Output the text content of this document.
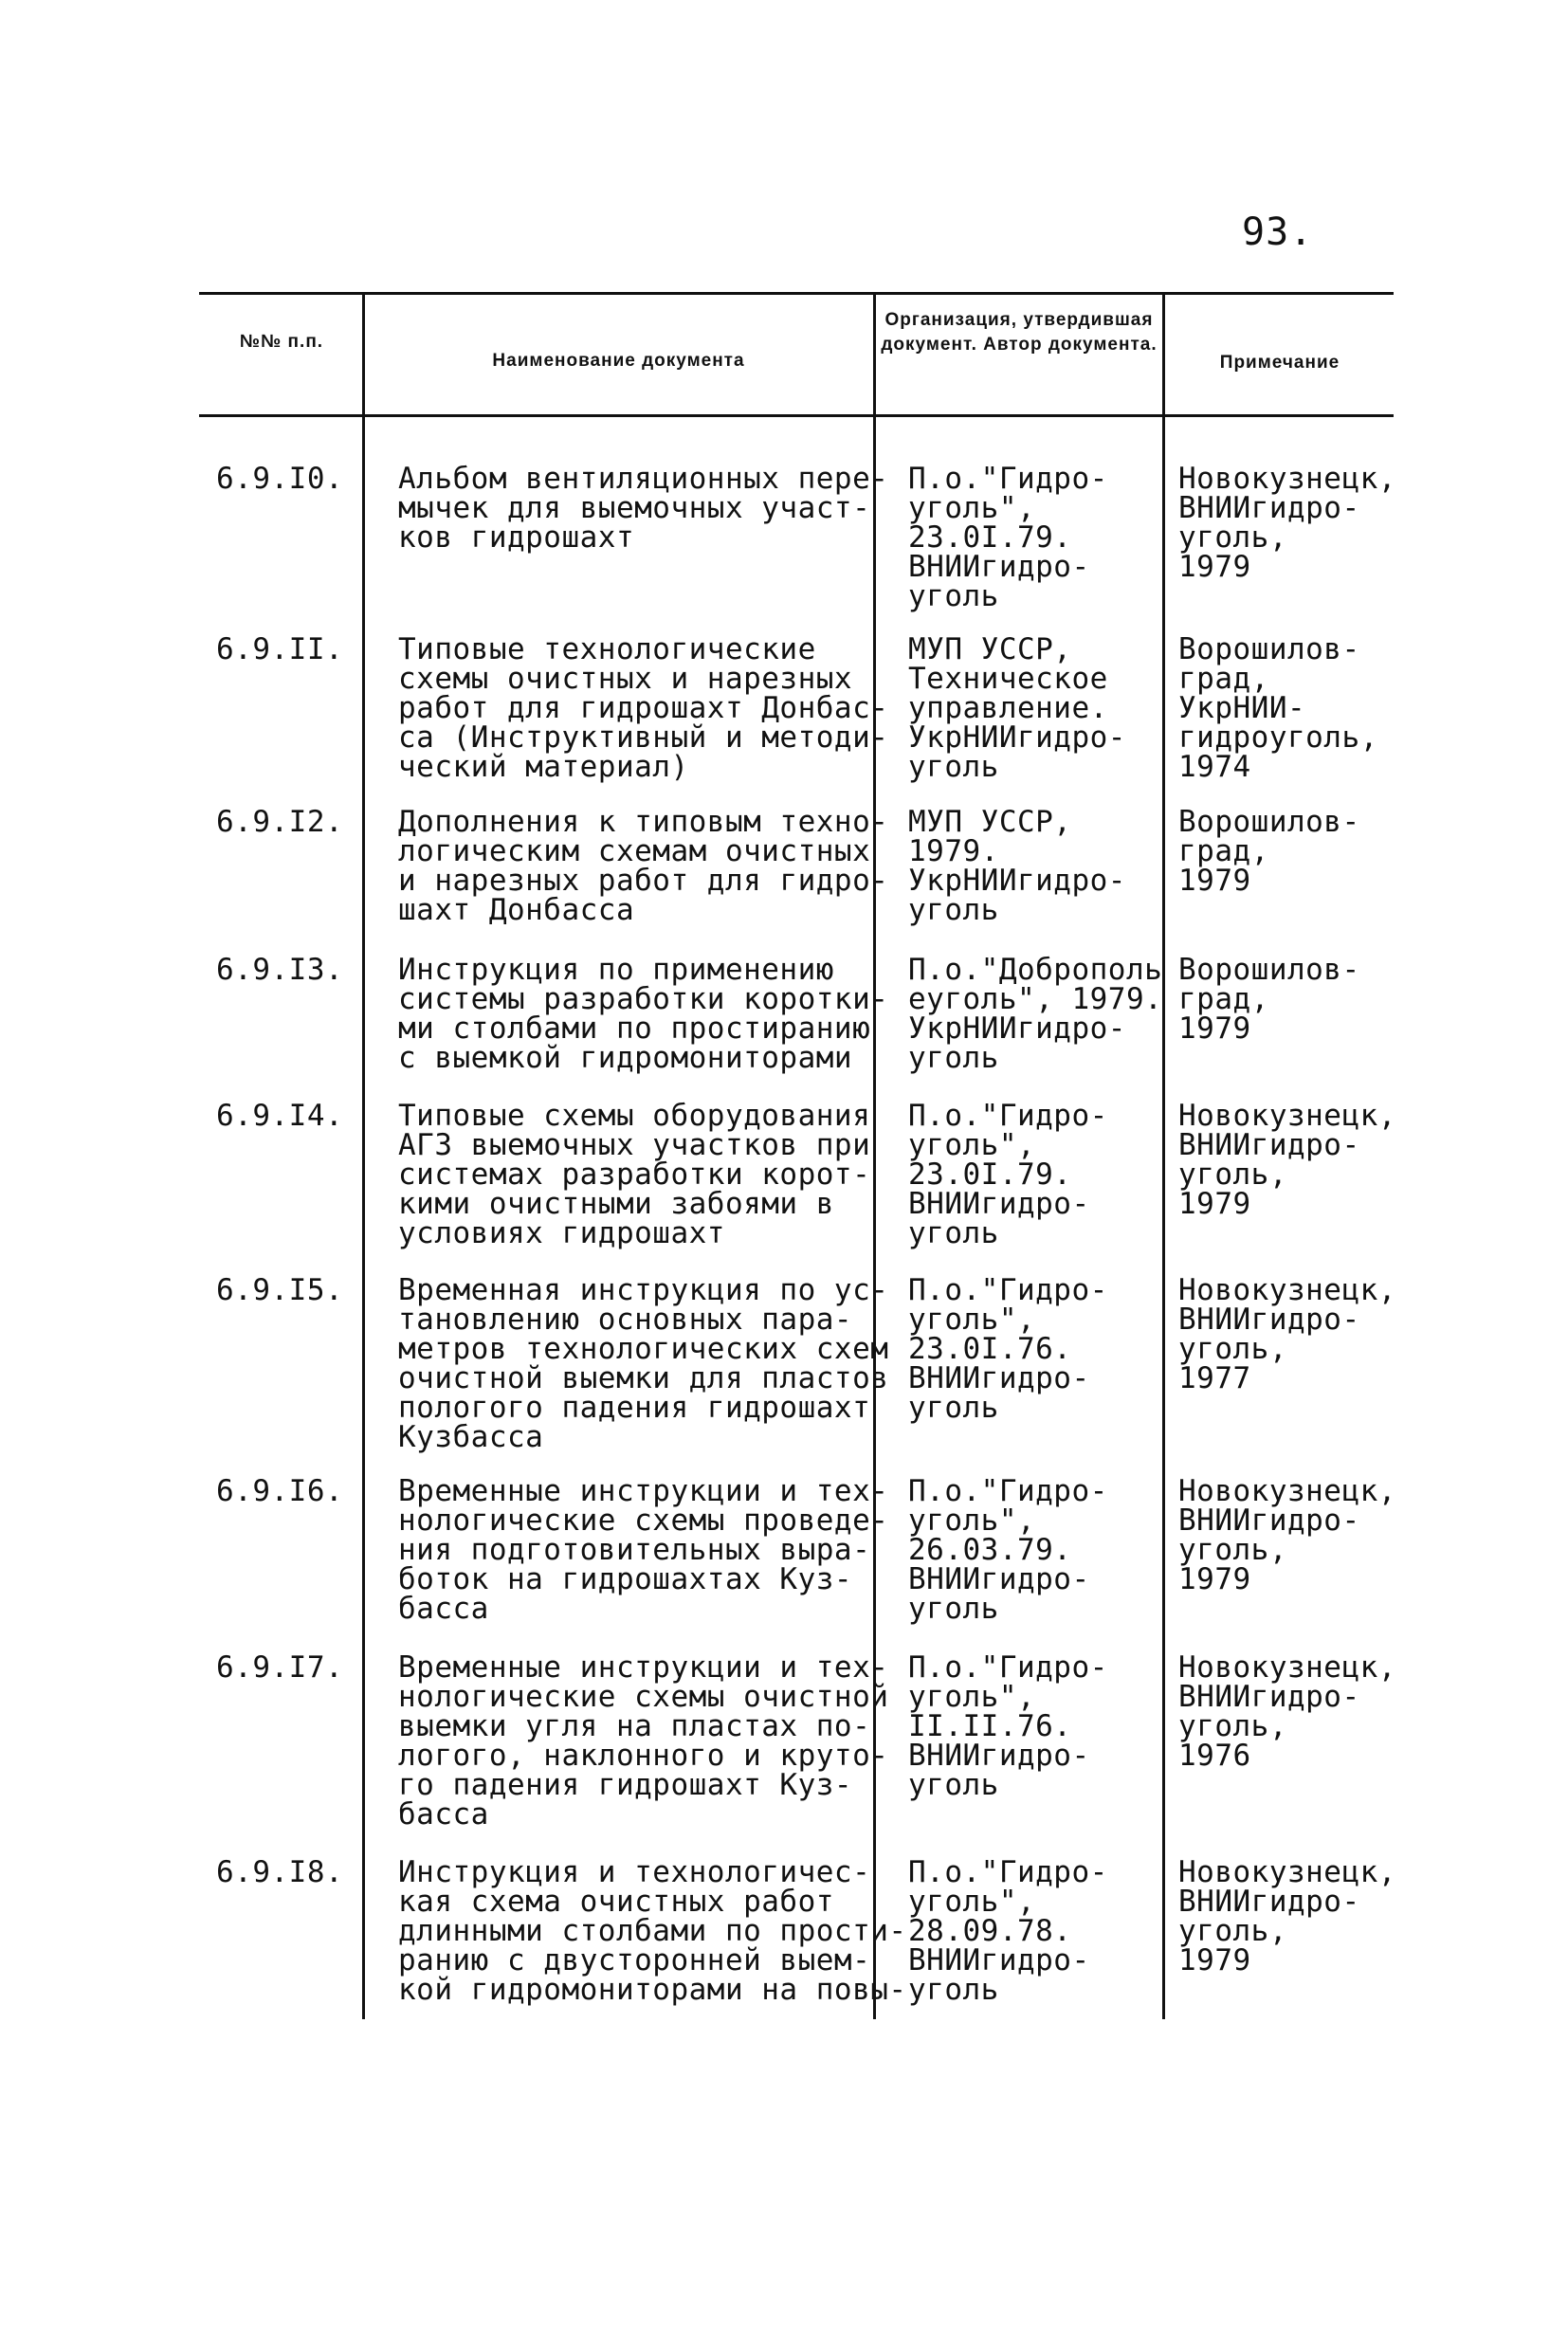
93.
№№ п.п.
Наименование документа
Организация, утвердившая документ. Автор документа.
Примечание
6.9.I0. Альбом вентиляционных пере-
мычек для выемочных участ-
ков гидрошахт
П.о."Гидро-
уголь",
23.0I.79.
ВНИИгидро-
уголь
Новокузнецк,
ВНИИгидро-
уголь,
1979
6.9.II. Типовые технологические
схемы очистных и нарезных
работ для гидрошахт Донбас-
са (Инструктивный и методи-
ческий материал)
МУП УССР,
Техническое
управление.
УкрНИИгидро-
уголь
Ворошилов-
град,
УкрНИИ-
гидроуголь,
1974
6.9.I2. Дополнения к типовым техно-
логическим схемам очистных
и нарезных работ для гидро-
шахт Донбасса
МУП УССР,
1979.
УкрНИИгидро-
уголь
Ворошилов-
град,
1979
6.9.I3. Инструкция по применению
системы разработки коротки-
ми столбами по простиранию
с выемкой гидромониторами
П.о."Доброполь
еуголь", 1979.
УкрНИИгидро-
уголь
Ворошилов-
град,
1979
6.9.I4. Типовые схемы оборудования
АГЗ выемочных участков при
системах разработки корот-
кими очистными забоями в
условиях гидрошахт
П.о."Гидро-
уголь",
23.0I.79.
ВНИИгидро-
уголь
Новокузнецк,
ВНИИгидро-
уголь,
1979
6.9.I5. Временная инструкция по ус-
тановлению основных пара-
метров технологических схем
очистной выемки для пластов
пологого падения гидрошахт
Кузбасса
П.о."Гидро-
уголь",
23.0I.76.
ВНИИгидро-
уголь
Новокузнецк,
ВНИИгидро-
уголь,
1977
6.9.I6. Временные инструкции и тех-
нологические схемы проведе-
ния подготовительных выра-
боток на гидрошахтах Куз-
басса
П.о."Гидро-
уголь",
26.03.79.
ВНИИгидро-
уголь
Новокузнецк,
ВНИИгидро-
уголь,
1979
6.9.I7. Временные инструкции и тех-
нологические схемы очистной
выемки угля на пластах по-
логого, наклонного и круто-
го падения гидрошахт Куз-
басса
П.о."Гидро-
уголь",
II.II.76.
ВНИИгидро-
уголь
Новокузнецк,
ВНИИгидро-
уголь,
1976
6.9.I8. Инструкция и технологичес-
кая схема очистных работ
длинными столбами по прости-
ранию с двусторонней выем-
кой гидромониторами на повы-
П.о."Гидро-
уголь",
28.09.78.
ВНИИгидро-
уголь
Новокузнецк,
ВНИИгидро-
уголь,
1979
